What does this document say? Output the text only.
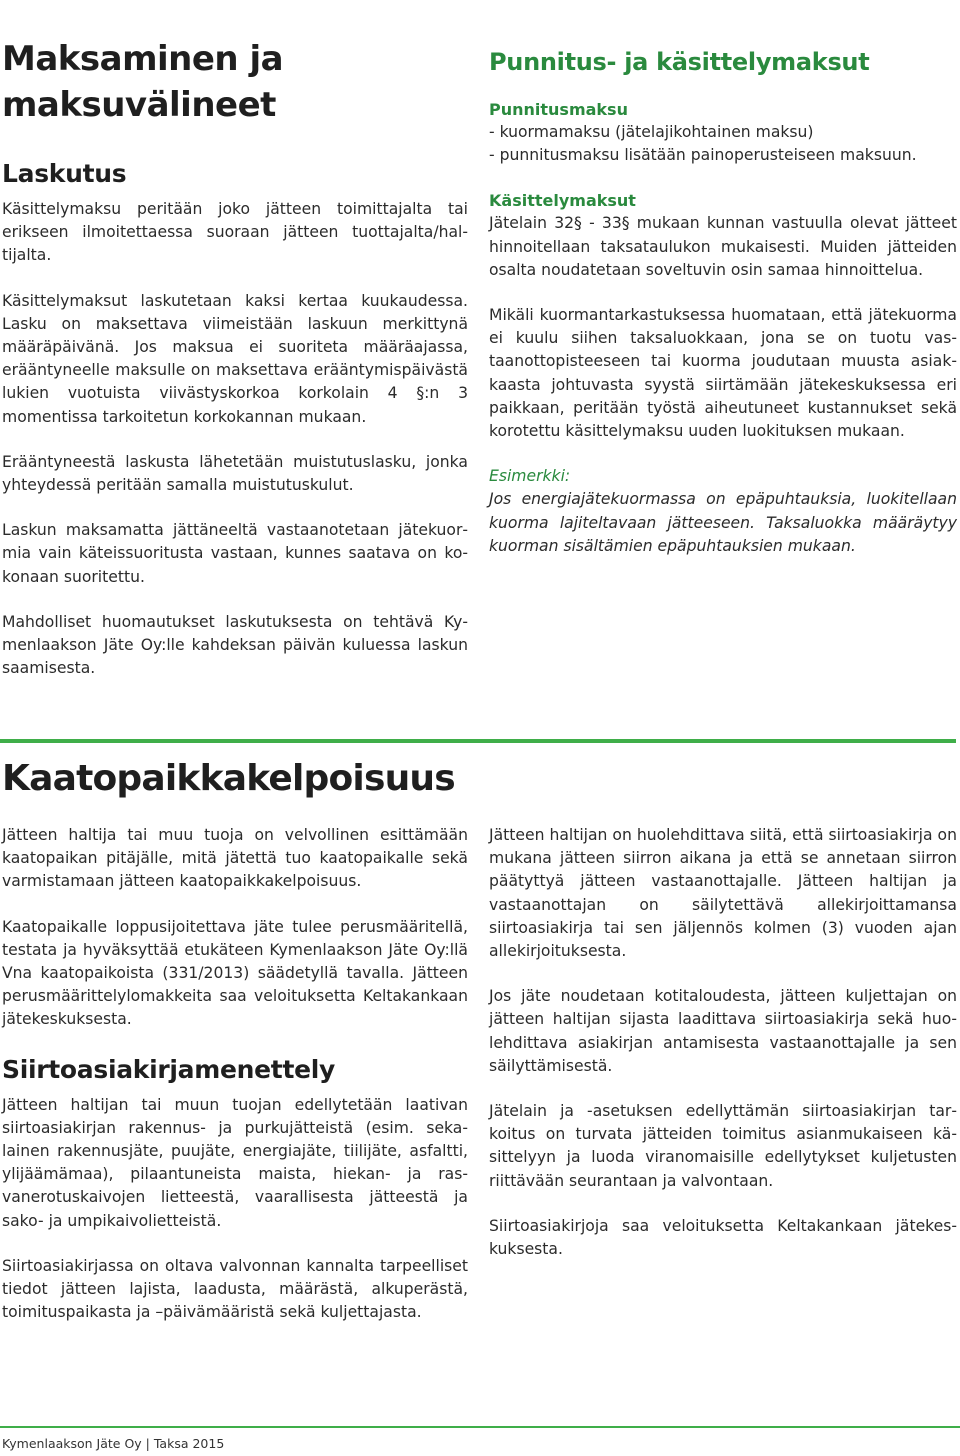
Maksaminen ja
maksuvälineet
Laskutus

Käsittelymaksu peritään joko jätteen toimittajalta tai erikseen ilmoitettaessa suoraan jätteen tuottajalta/haltijalta.

Käsittelymaksut laskutetaan kaksi kertaa kuukaudessa. Lasku on maksettava viimeistään laskuun merkittynä määräpäivänä. Jos maksua ei suoriteta määräajassa, erääntyneelle maksulle on maksettava erääntymispäivästä lukien vuotuista viivästyskorkoa korkolain 4 §:n 3 momentissa tarkoitetun korkokannan mukaan.

Erääntyneestä laskusta lähetetään muistutuslasku, jonka yhteydessä peritään samalla muistutuskulut.

Laskun maksamatta jättäneeltä vastaanotetaan jätekuormia vain käteissuoritusta vastaan, kunnes saatava on kokonaan suoritettu.

Mahdolliset huomautukset laskutuksesta on tehtävä Kymenlaakson Jäte Oy:lle kahdeksan päivän kuluessa laskun saamisesta.

Punnitus- ja käsittelymaksut
Punnitusmaksu

- kuormamaksu (jätelajikohtainen maksu)

- punnitusmaksu lisätään painoperusteiseen maksuun.

Käsittelymaksut

Jätelain 32§ - 33§ mukaan kunnan vastuulla olevat jätteet hinnoitellaan taksataulukon mukaisesti. Muiden jätteiden osalta noudatetaan soveltuvin osin samaa hinnoittelua.

Mikäli kuormantarkastuksessa huomataan, että jätekuorma ei kuulu siihen taksaluokkaan, jona se on tuotu vastaanottopisteeseen tai kuorma joudutaan muusta asiakkaasta johtuvasta syystä siirtämään jätekeskuksessa eri paikkaan, peritään työstä aiheutuneet kustannukset sekä korotettu käsittelymaksu uuden luokituksen mukaan.

Esimerkki:

Jos energiajätekuormassa on epäpuhtauksia, luokitellaan kuorma lajiteltavaan jätteeseen. Taksaluokka määräytyy kuorman sisältämien epäpuhtauksien mukaan.

Kaatopaikkakelpoisuus

Jätteen haltija tai muu tuoja on velvollinen esittämään kaatopaikan pitäjälle, mitä jätettä tuo kaatopaikalle sekä varmistamaan jätteen kaatopaikkakelpoisuus.

Kaatopaikalle loppusijoitettava jäte tulee perusmääritellä, testata ja hyväksyttää etukäteen Kymenlaakson Jäte Oy:llä Vna kaatopaikoista (331/2013) säädetyllä tavalla. Jätteen perusmäärittelylomakkeita saa veloituksetta Keltakankaan jätekeskuksesta.

Siirtoasiakirjamenettely

Jätteen haltijan tai muun tuojan edellytetään laativan siirtoasiakirjan rakennus- ja purkujätteistä (esim. sekalainen rakennusjäte, puujäte, energiajäte, tiilijäte, asfaltti, ylijäämämaa), pilaantuneista maista, hiekan- ja rasvanerotuskaivojen lietteestä, vaarallisesta jätteestä ja sako- ja umpikaivolietteistä.

Siirtoasiakirjassa on oltava valvonnan kannalta tarpeelliset tiedot jätteen lajista, laadusta, määrästä, alkuperästä, toimituspaikasta ja –päivämääristä sekä kuljettajasta.

Jätteen haltijan on huolehdittava siitä, että siirtoasiakirja on mukana jätteen siirron aikana ja että se annetaan siirron päätyttyä jätteen vastaanottajalle. Jätteen haltijan ja vastaanottajan on säilytettävä allekirjoittamansa siirtoasiakirja tai sen jäljennös kolmen (3) vuoden ajan allekirjoituksesta.

Jos jäte noudetaan kotitaloudesta, jätteen kuljettajan on jätteen haltijan sijasta laadittava siirtoasiakirja sekä huolehdittava asiakirjan antamisesta vastaanottajalle ja sen säilyttämisestä.

Jätelain ja -asetuksen edellyttämän siirtoasiakirjan tarkoitus on turvata jätteiden toimitus asianmukaiseen käsittelyyn ja luoda viranomaisille edellytykset kuljetusten riittävään seurantaan ja valvontaan.

Siirtoasiakirjoja saa veloituksetta Keltakankaan jätekeskuksesta.

Kymenlaakson Jäte Oy | Taksa 2015
